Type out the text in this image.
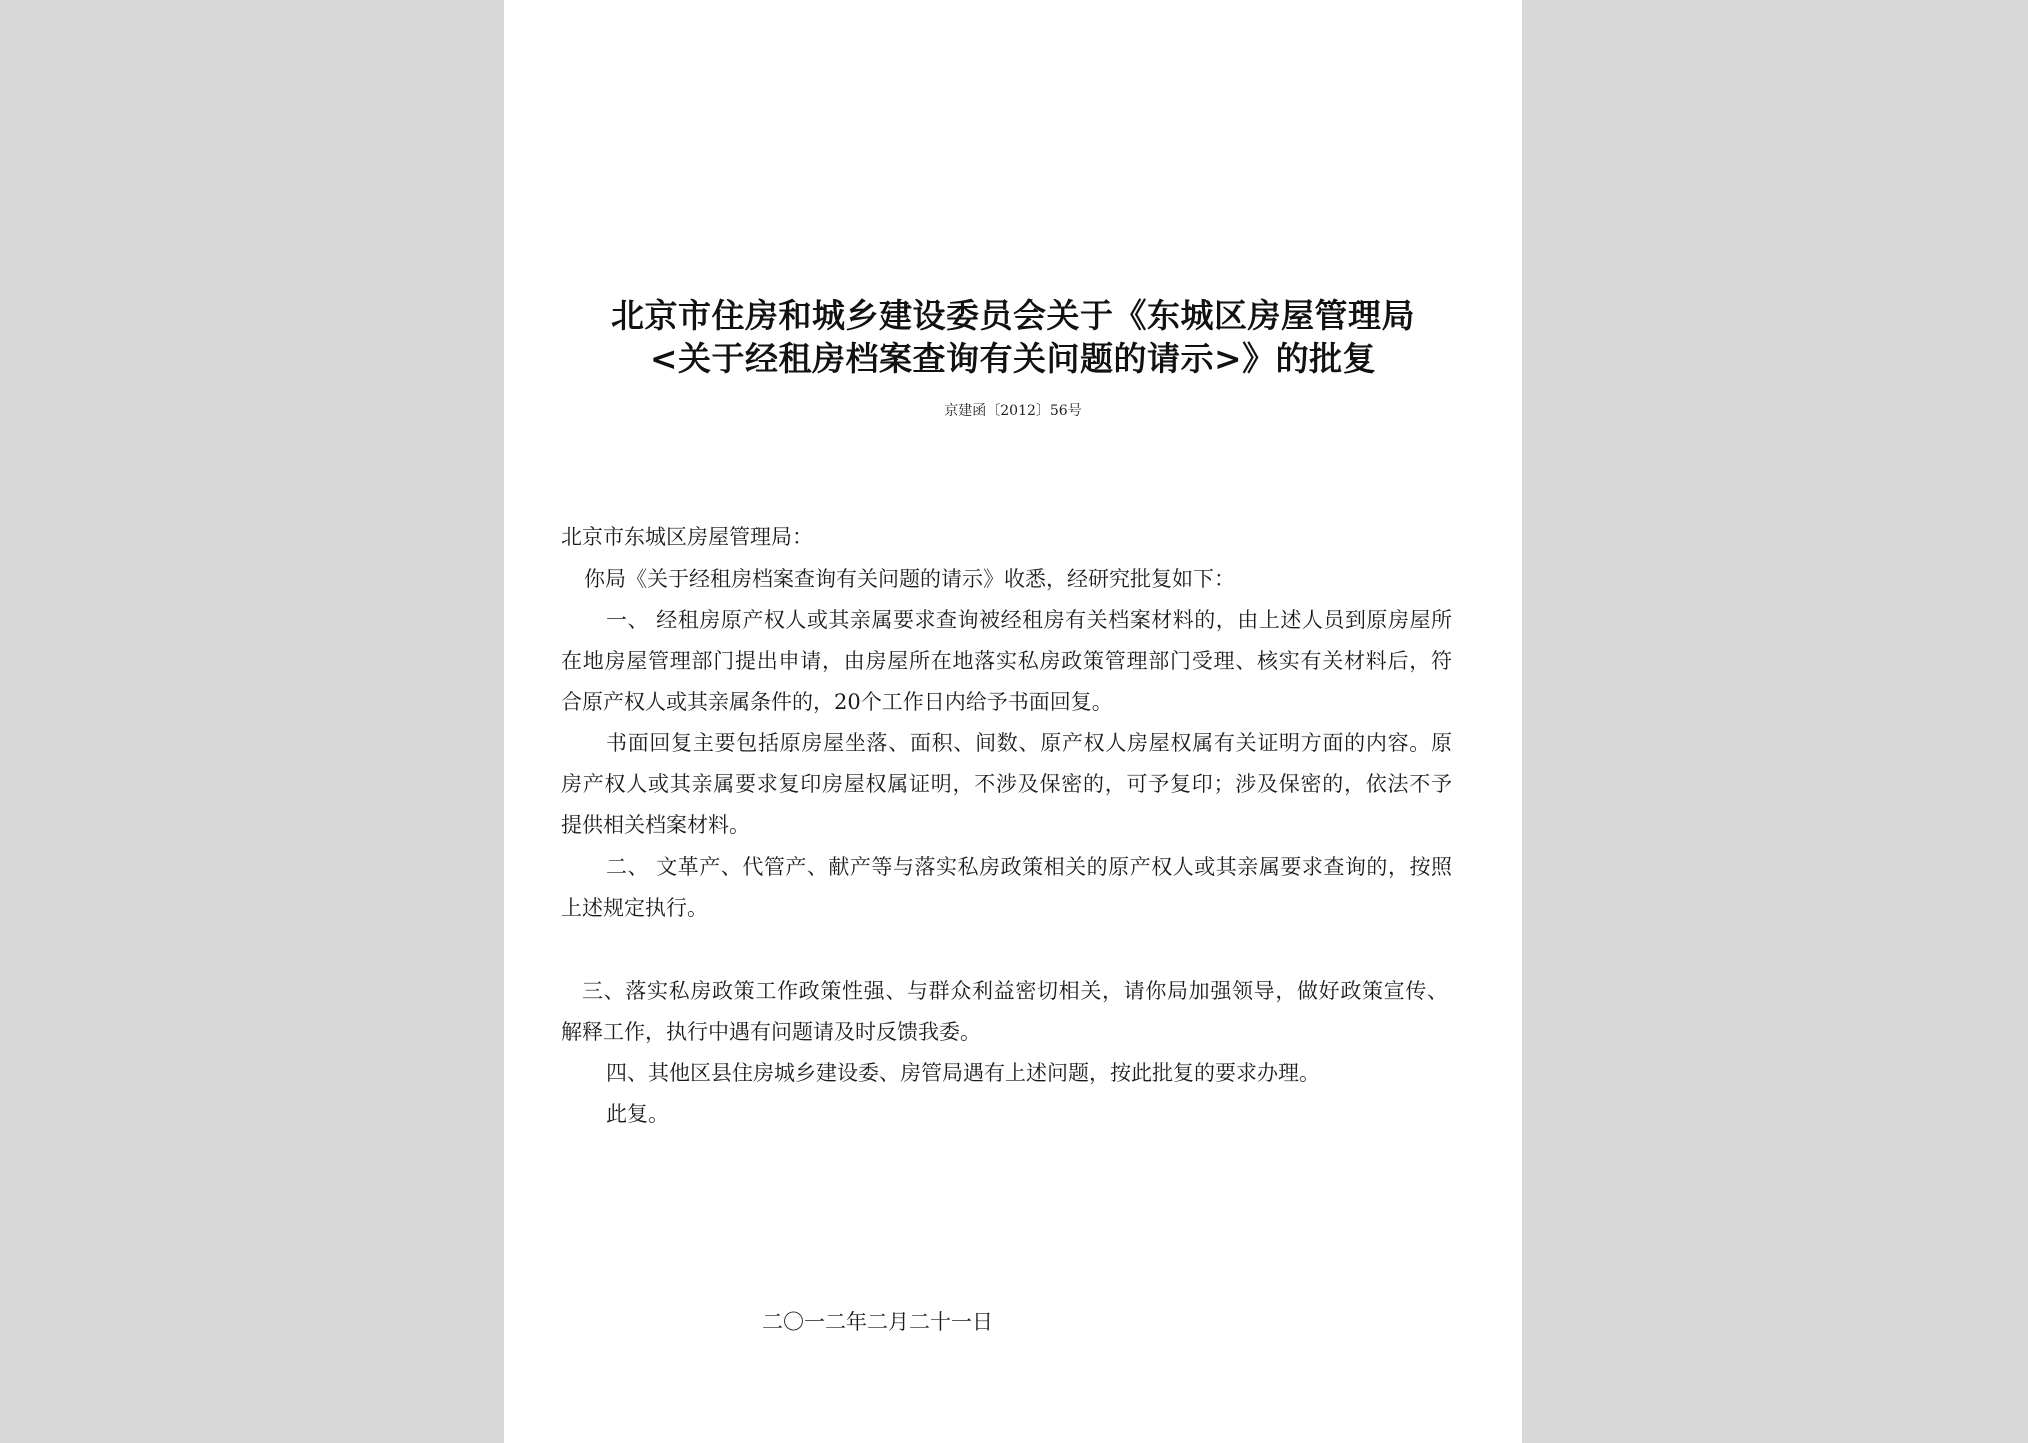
北京市住房和城乡建设委员会关于《东城区房屋管理局
<关于经租房档案查询有关问题的请示>》的批复
京建函〔2012〕56号
北京市东城区房屋管理局：
你局《关于经租房档案查询有关问题的请示》收悉，经研究批复如下：
一、 经租房原产权人或其亲属要求查询被经租房有关档案材料的，由上述人员到原房屋所
在地房屋管理部门提出申请，由房屋所在地落实私房政策管理部门受理、核实有关材料后，符
合原产权人或其亲属条件的，20个工作日内给予书面回复。
书面回复主要包括原房屋坐落、面积、间数、原产权人房屋权属有关证明方面的内容。原
房产权人或其亲属要求复印房屋权属证明，不涉及保密的，可予复印；涉及保密的，依法不予
提供相关档案材料。
二、 文革产、代管产、献产等与落实私房政策相关的原产权人或其亲属要求查询的，按照
上述规定执行。
三、落实私房政策工作政策性强、与群众利益密切相关，请你局加强领导，做好政策宣传、
解释工作，执行中遇有问题请及时反馈我委。
四、其他区县住房城乡建设委、房管局遇有上述问题，按此批复的要求办理。
此复。
二〇一二年二月二十一日
